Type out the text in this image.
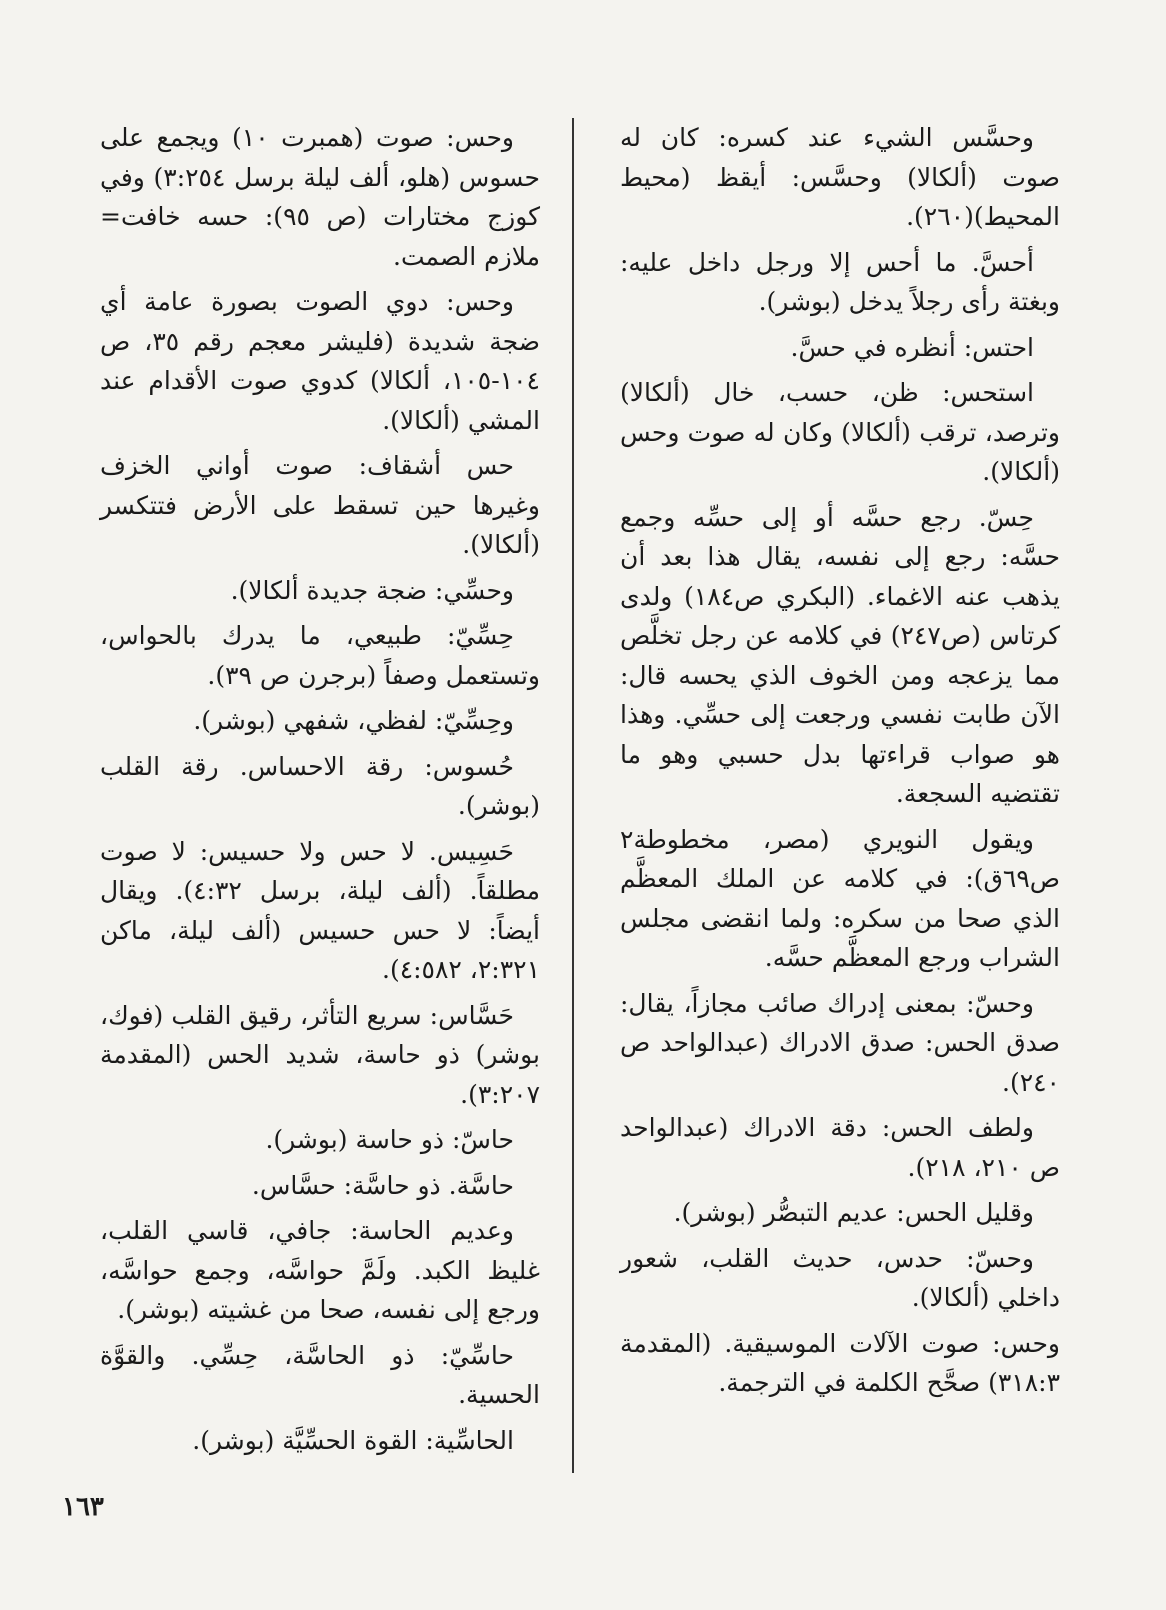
وحسَّس الشيء عند كسره: كان له صوت (ألكالا) وحسَّس: أيقظ (محيط المحيط)(٢٦٠).

أحسَّ. ما أحس إلا ورجل داخل عليه: وبغتة رأى رجلاً يدخل (بوشر).

احتس: أنظره في حسَّ.

استحس: ظن، حسب، خال (ألكالا) وترصد، ترقب (ألكالا) وكان له صوت وحس (ألكالا).

حِسّ. رجع حسَّه أو إلى حسِّه وجمع حسَّه: رجع إلى نفسه، يقال هذا بعد أن يذهب عنه الاغماء. (البكري ص١٨٤) ولدى كرتاس (ص٢٤٧) في كلامه عن رجل تخلَّص مما يزعجه ومن الخوف الذي يحسه قال: الآن طابت نفسي ورجعت إلى حسِّي. وهذا هو صواب قراءتها بدل حسبي وهو ما تقتضيه السجعة.

ويقول النويري (مصر، مخطوطة٢ ص٦٩ق): في كلامه عن الملك المعظَّم الذي صحا من سكره: ولما انقضى مجلس الشراب ورجع المعظَّم حسَّه.

وحسّ: بمعنى إدراك صائب مجازاً، يقال: صدق الحس: صدق الادراك (عبدالواحد ص ٢٤٠).

ولطف الحس: دقة الادراك (عبدالواحد ص ٢١٠، ٢١٨).

وقليل الحس: عديم التبصُّر (بوشر).

وحسّ: حدس، حديث القلب، شعور داخلي (ألكالا).

وحس: صوت الآلات الموسيقية. (المقدمة ٣١٨:٣) صحَّح الكلمة في الترجمة.

وحس: صوت (همبرت ١٠) ويجمع على حسوس (هلو، ألف ليلة برسل ٣:٢٥٤) وفي كوزج مختارات (ص ٩٥): حسه خافت= ملازم الصمت.

وحس: دوي الصوت بصورة عامة أي ضجة شديدة (فليشر معجم رقم ٣٥، ص ١٠٤-١٠٥، ألكالا) كدوي صوت الأقدام عند المشي (ألكالا).

حس أشقاف: صوت أواني الخزف وغيرها حين تسقط على الأرض فتتكسر (ألكالا).

وحسِّي: ضجة جديدة ألكالا).

حِسِّيّ: طبيعي، ما يدرك بالحواس، وتستعمل وصفاً (برجرن ص ٣٩).

وحِسِّيّ: لفظي، شفهي (بوشر).

حُسوس: رقة الاحساس. رقة القلب (بوشر).

حَسِيس. لا حس ولا حسيس: لا صوت مطلقاً. (ألف ليلة، برسل ٤:٣٢). ويقال أيضاً: لا حس حسيس (ألف ليلة، ماكن ٢:٣٢١، ٤:٥٨٢).

حَسَّاس: سريع التأثر، رقيق القلب (فوك، بوشر) ذو حاسة، شديد الحس (المقدمة ٣:٢٠٧).

حاسّ: ذو حاسة (بوشر).

حاسَّة. ذو حاسَّة: حسَّاس.

وعديم الحاسة: جافي، قاسي القلب، غليظ الكبد. ولَمَّ حواسَّه، وجمع حواسَّه، ورجع إلى نفسه، صحا من غشيته (بوشر).

حاسِّيّ: ذو الحاسَّة، حِسِّي. والقوَّة الحسية.

الحاسِّية: القوة الحسِّيَّة (بوشر).

١٦٣
